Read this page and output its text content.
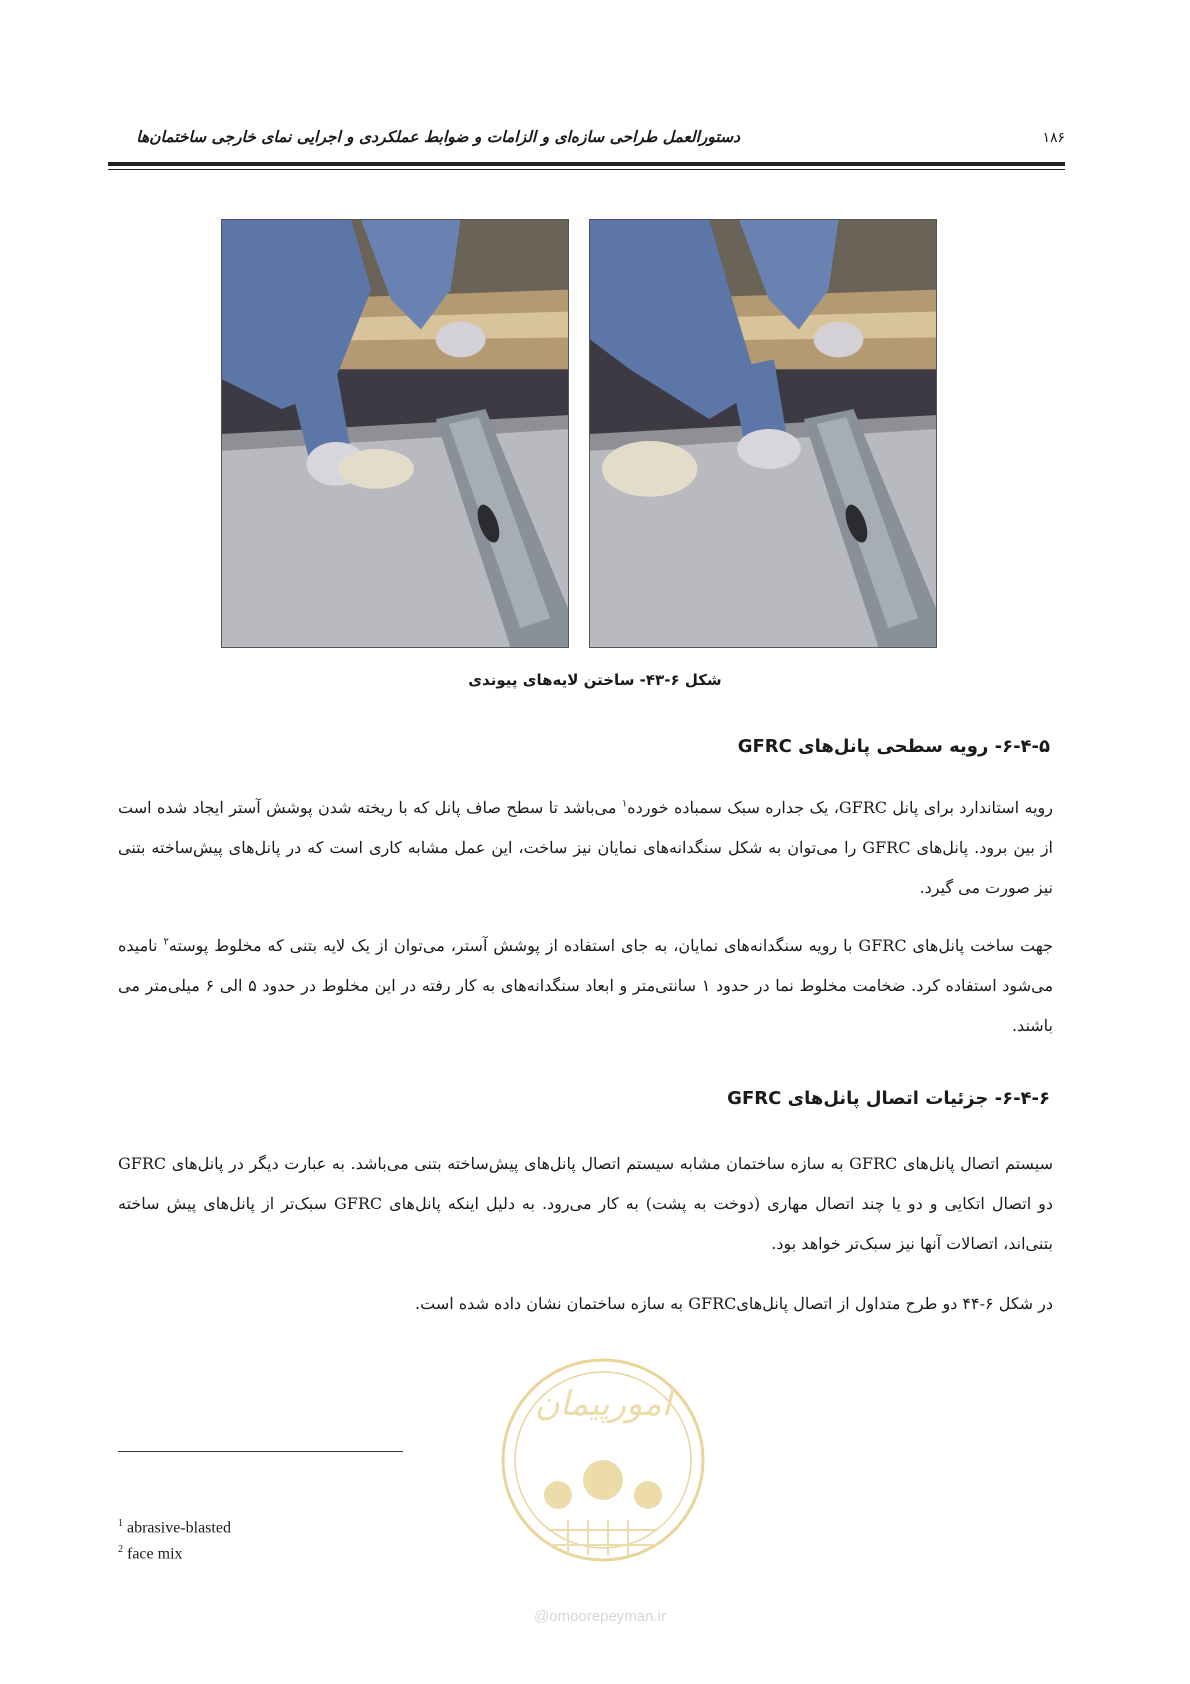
دستورالعمل طراحی سازه‌ای و الزامات و ضوابط عملکردی و اجرایی نمای خارجی ساختمان‌ها	۱۸۶
شکل ۶-۴۳- ساختن لایه‌های پیوندی
۶-۴-۵- رویه سطحی پانل‌های GFRC

رویه استاندارد برای پانل GFRC، یک جداره سبک سمباده خورده$^۱$ می‌باشد تا سطح صاف پانل که با ریخته شدن پوشش آستر ایجاد شده است از بین برود. پانل‌های GFRC را می‌توان به شکل سنگدانه‌های نمایان نیز ساخت، این عمل مشابه کاری است که در پانل‌های پیش‌ساخته بتنی نیز صورت می گیرد.

جهت ساخت پانل‌های GFRC با رویه سنگدانه‌های نمایان، به جای استفاده از پوشش آستر، می‌توان از یک لایه بتنی که مخلوط پوسته$^۲$ نامیده می‌شود استفاده کرد. ضخامت مخلوط نما در حدود ۱ سانتی‌متر و ابعاد سنگدانه‌های به کار رفته در این مخلوط در حدود ۵ الی ۶ میلی‌متر می باشند.

۶-۴-۶- جزئیات اتصال پانل‌های GFRC

سیستم اتصال پانل‌های GFRC به سازه ساختمان مشابه سیستم اتصال پانل‌های پیش‌ساخته بتنی می‌باشد. به عبارت دیگر در پانل‌های GFRC دو اتصال اتکایی و دو یا چند اتصال مهاری (دوخت به پشت) به کار می‌رود. به دلیل اینکه پانل‌های GFRC سبک‌تر از پانل‌های پیش ساخته بتنی‌اند، اتصالات آنها نیز سبک‌تر خواهد بود.

در شکل ۶-۴۴ دو طرح متداول از اتصال پانل‌هایGFRC به سازه ساختمان نشان داده شده است.

امورپیمان
@omoorepeyman.ir
$^1$ abrasive-blasted
$^2$ face mix
